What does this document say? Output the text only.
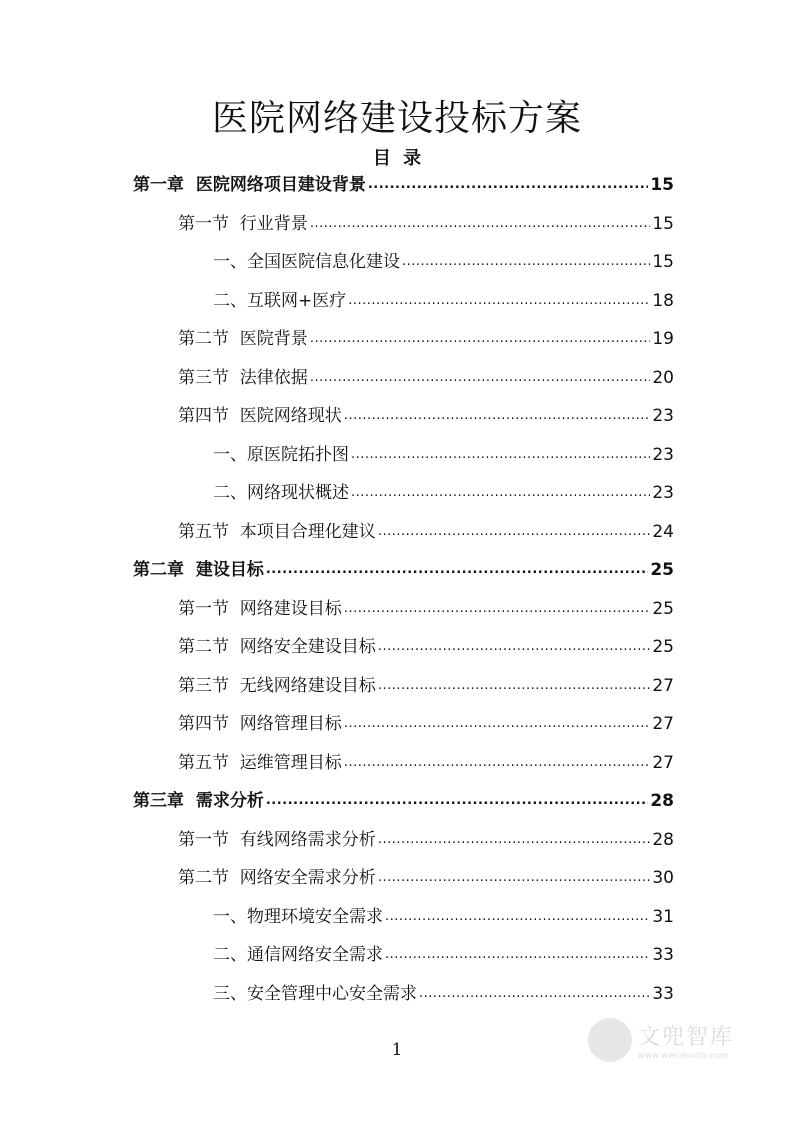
医院网络建设投标方案
目 录
第一章  医院网络项目建设背景 .....	15
第一节  行业背景 .....	15
一、全国医院信息化建设 .....	15
二、互联网+医疗 .....	18
第二节  医院背景 .....	19
第三节  法律依据 .....	20
第四节  医院网络现状 .....	23
一、原医院拓扑图 .....	23
二、网络现状概述 .....	23
第五节  本项目合理化建议 .....	24
第二章  建设目标 .....	25
第一节  网络建设目标 .....	25
第二节  网络安全建设目标 .....	25
第三节  无线网络建设目标 .....	27
第四节  网络管理目标 .....	27
第五节  运维管理目标 .....	27
第三章  需求分析 .....	28
第一节  有线网络需求分析 .....	28
第二节  网络安全需求分析 .....	30
一、物理环境安全需求 .....	31
二、通信网络安全需求 .....	33
三、安全管理中心安全需求 .....	33
1	文兜智库
www.wendoulib.com
